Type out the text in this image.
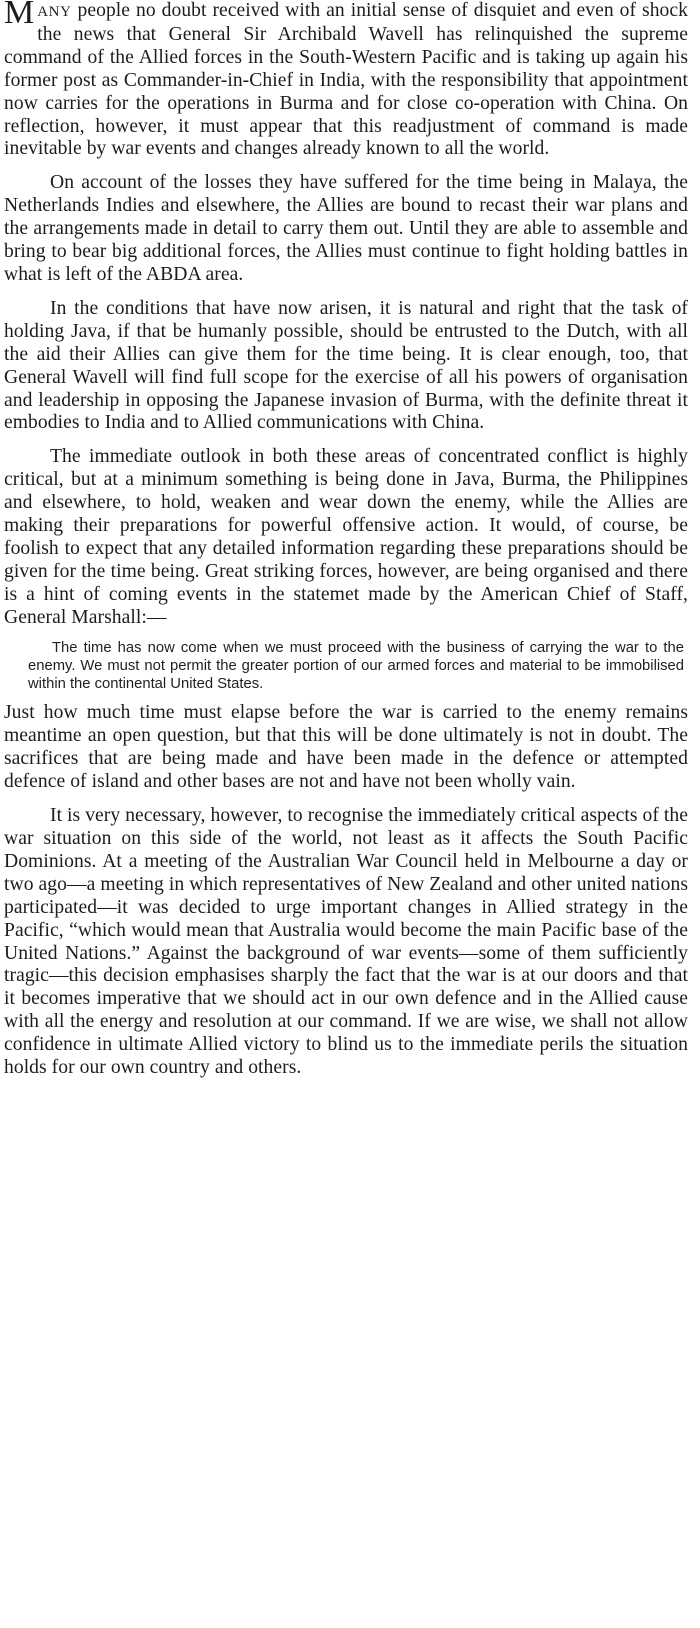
MANY people no doubt received with an initial sense of disquiet and even of shock the news that General Sir Archibald Wavell has relinquished the supreme command of the Allied forces in the South-Western Pacific and is taking up again his former post as Commander-in-Chief in India, with the responsibility that appointment now carries for the operations in Burma and for close co-operation with China. On reflection, however, it must appear that this readjustment of command is made inevitable by war events and changes already known to all the world.

On account of the losses they have suffered for the time being in Malaya, the Netherlands Indies and elsewhere, the Allies are bound to recast their war plans and the arrangements made in detail to carry them out. Until they are able to assemble and bring to bear big additional forces, the Allies must continue to fight holding battles in what is left of the ABDA area.

In the conditions that have now arisen, it is natural and right that the task of holding Java, if that be humanly possible, should be entrusted to the Dutch, with all the aid their Allies can give them for the time being. It is clear enough, too, that General Wavell will find full scope for the exercise of all his powers of organisation and leadership in opposing the Japanese invasion of Burma, with the definite threat it embodies to India and to Allied communications with China.

The immediate outlook in both these areas of concentrated conflict is highly critical, but at a minimum something is being done in Java, Burma, the Philippines and elsewhere, to hold, weaken and wear down the enemy, while the Allies are making their preparations for powerful offensive action. It would, of course, be foolish to expect that any detailed information regarding these preparations should be given for the time being. Great striking forces, however, are being organised and there is a hint of coming events in the statemet made by the American Chief of Staff, General Marshall:—

The time has now come when we must proceed with the business of carrying the war to the enemy. We must not permit the greater portion of our armed forces and material to be immobilised within the continental United States.

Just how much time must elapse before the war is carried to the enemy remains meantime an open question, but that this will be done ultimately is not in doubt. The sacrifices that are being made and have been made in the defence or attempted defence of island and other bases are not and have not been wholly vain.

It is very necessary, however, to recognise the immediately critical aspects of the war situation on this side of the world, not least as it affects the South Pacific Dominions. At a meeting of the Australian War Council held in Melbourne a day or two ago—a meeting in which representatives of New Zealand and other united nations participated—it was decided to urge important changes in Allied strategy in the Pacific, “which would mean that Australia would become the main Pacific base of the United Nations.” Against the background of war events—some of them sufficiently tragic—this decision emphasises sharply the fact that the war is at our doors and that it becomes imperative that we should act in our own defence and in the Allied cause with all the energy and resolution at our command. If we are wise, we shall not allow confidence in ultimate Allied victory to blind us to the immediate perils the situation holds for our own country and others.
